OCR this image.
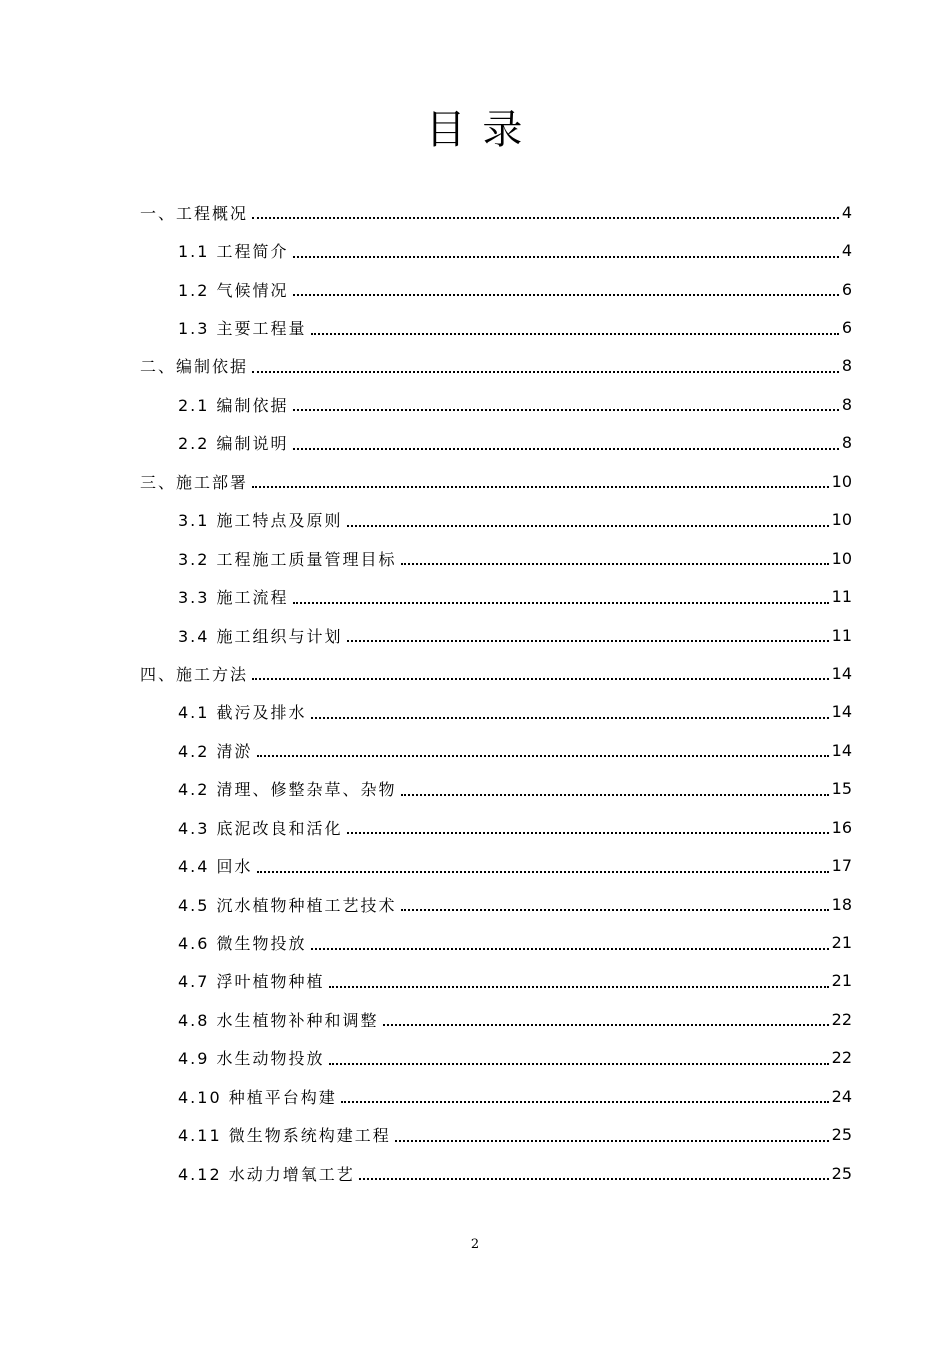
目 录
一、工程概况	4
1.1 工程简介	4
1.2 气候情况	6
1.3 主要工程量	6
二、编制依据	8
2.1 编制依据	8
2.2 编制说明	8
三、施工部署	10
3.1 施工特点及原则	10
3.2 工程施工质量管理目标	10
3.3 施工流程	11
3.4 施工组织与计划	11
四、施工方法	14
4.1 截污及排水	14
4.2 清淤	14
4.2 清理、修整杂草、杂物	15
4.3 底泥改良和活化	16
4.4 回水	17
4.5 沉水植物种植工艺技术	18
4.6 微生物投放	21
4.7 浮叶植物种植	21
4.8 水生植物补种和调整	22
4.9 水生动物投放	22
4.10 种植平台构建	24
4.11 微生物系统构建工程	25
4.12 水动力增氧工艺	25
2
